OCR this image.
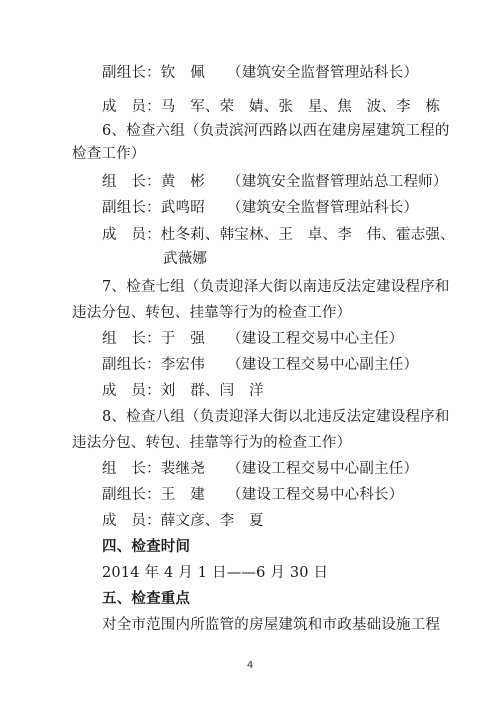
副组长：钦　佩　　（建筑安全监督管理站科长）
成　员：马　军、荣　婧、张　星、焦　波、李　栋
6、检查六组（负责滨河西路以西在建房屋建筑工程的
检查工作）
组　长：黄　彬　　（建筑安全监督管理站总工程师）
副组长：武鸣昭　　（建筑安全监督管理站科长）
成　员：杜冬莉、韩宝林、王　卓、李　伟、霍志强、
武薇娜
7、检查七组（负责迎泽大街以南违反法定建设程序和
违法分包、转包、挂靠等行为的检查工作）
组　长：于　强　　（建设工程交易中心主任）
副组长：李宏伟　　（建设工程交易中心副主任）
成　员：刘　群、闫　洋
8、检查八组（负责迎泽大街以北违反法定建设程序和
违法分包、转包、挂靠等行为的检查工作）
组　长：裴继尧　　（建设工程交易中心副主任）
副组长：王　建　　（建设工程交易中心科长）
成　员：薛文彦、李　夏
四、检查时间
2014 年 4 月 1 日——6 月 30 日
五、检查重点
对全市范围内所监管的房屋建筑和市政基础设施工程
4
